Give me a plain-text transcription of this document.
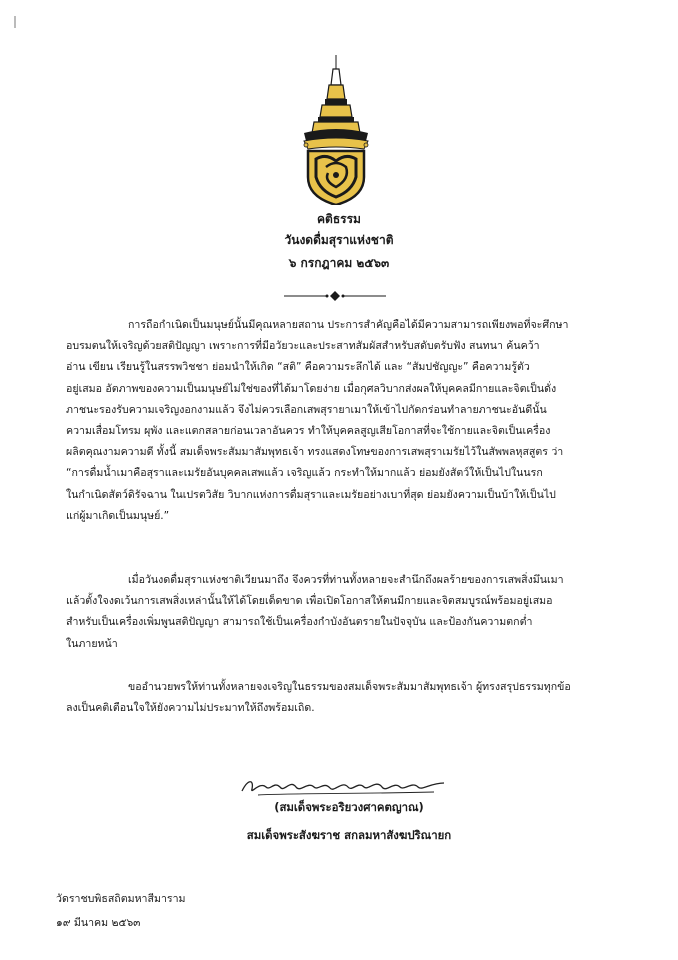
คติธรรม
วันงดดื่มสุราแห่งชาติ
๖ กรกฎาคม ๒๕๖๓

การถือกำเนิดเป็นมนุษย์นั้นมีคุณหลายสถาน ประการสำคัญคือได้มีความสามารถเพียงพอที่จะศึกษา
อบรมตนให้เจริญด้วยสติปัญญา เพราะการที่มีอวัยวะและประสาทสัมผัสสำหรับสดับตรับฟัง สนทนา ค้นคว้า
อ่าน เขียน เรียนรู้ในสรรพวิชชา ย่อมนำให้เกิด “สติ” คือความระลึกได้ และ “สัมปชัญญะ” คือความรู้ตัว
อยู่เสมอ อัตภาพของความเป็นมนุษย์ไม่ใช่ของที่ได้มาโดยง่าย เมื่อกุศลวิบากส่งผลให้บุคคลมีกายและจิตเป็นดั่ง
ภาชนะรองรับความเจริญงอกงามแล้ว จึงไม่ควรเลือกเสพสุรายาเมาให้เข้าไปกัดกร่อนทำลายภาชนะอันดีนั้น
ความเสื่อมโทรม ผุพัง และแตกสลายก่อนเวลาอันควร ทำให้บุคคลสูญเสียโอกาสที่จะใช้กายและจิตเป็นเครื่อง
ผลิตคุณงามความดี ทั้งนี้ สมเด็จพระสัมมาสัมพุทธเจ้า ทรงแสดงโทษของการเสพสุราเมรัยไว้ในสัพพลหุสสูตร ว่า
“การดื่มน้ำเมาคือสุราและเมรัยอันบุคคลเสพแล้ว เจริญแล้ว กระทำให้มากแล้ว ย่อมยังสัตว์ให้เป็นไปในนรก
ในกำเนิดสัตว์ดิรัจฉาน ในเปรตวิสัย วิบากแห่งการดื่มสุราและเมรัยอย่างเบาที่สุด ย่อมยังความเป็นบ้าให้เป็นไป
แก่ผู้มาเกิดเป็นมนุษย์.”

เมื่อวันงดดื่มสุราแห่งชาติเวียนมาถึง จึงควรที่ท่านทั้งหลายจะสำนึกถึงผลร้ายของการเสพสิ่งมึนเมา
แล้วตั้งใจงดเว้นการเสพสิ่งเหล่านั้นให้ได้โดยเด็ดขาด เพื่อเปิดโอกาสให้ตนมีกายและจิตสมบูรณ์พร้อมอยู่เสมอ
สำหรับเป็นเครื่องเพิ่มพูนสติปัญญา สามารถใช้เป็นเครื่องกำบังอันตรายในปัจจุบัน และป้องกันความตกต่ำ
ในภายหน้า

ขออำนวยพรให้ท่านทั้งหลายจงเจริญในธรรมของสมเด็จพระสัมมาสัมพุทธเจ้า ผู้ทรงสรุปธรรมทุกข้อ
ลงเป็นคติเตือนใจให้ยังความไม่ประมาทให้ถึงพร้อมเถิด.

(สมเด็จพระอริยวงศาคตญาณ)
สมเด็จพระสังฆราช สกลมหาสังฆปริณายก
วัดราชบพิธสถิตมหาสีมาราม
๑๙ มีนาคม ๒๕๖๓
